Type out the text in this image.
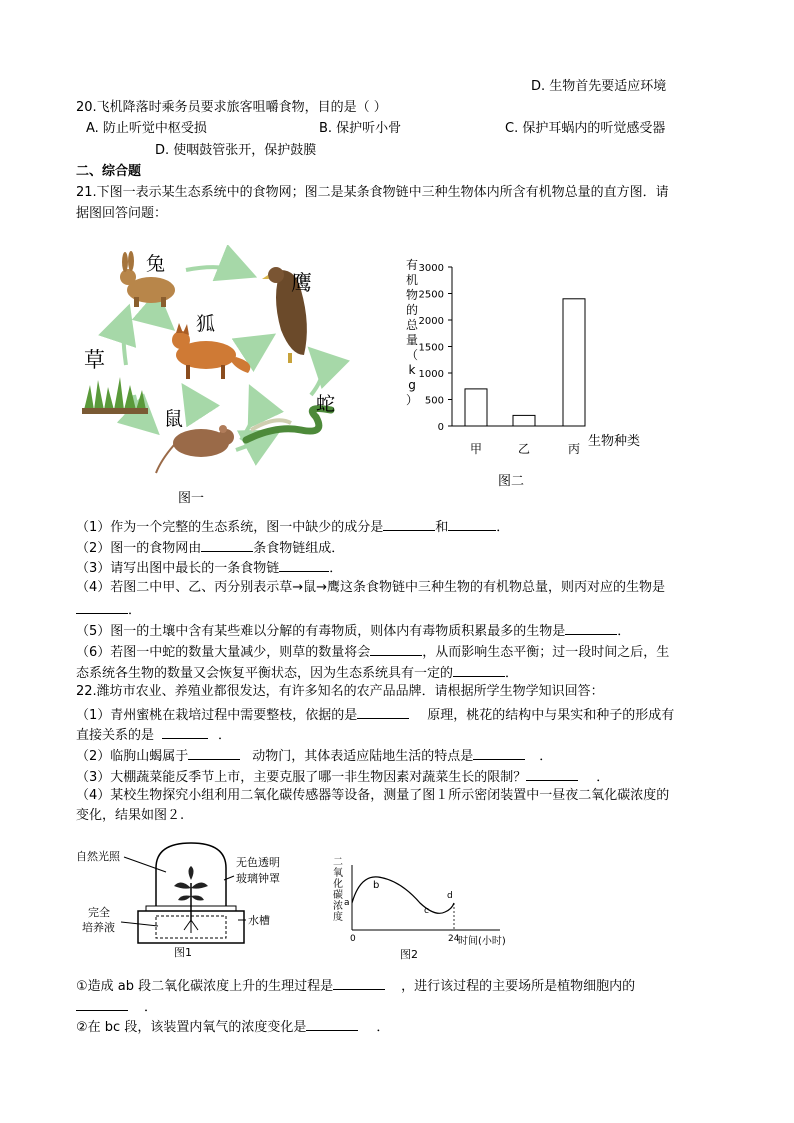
D. 生物首先要适应环境
20.飞机降落时乘务员要求旅客咀嚼食物，目的是（ ）
A. 防止听觉中枢受损	B. 保护听小骨	C. 保护耳蜗内的听觉感受器
D. 使咽鼓管张开，保护鼓膜
二、综合题
21.下图一表示某生态系统中的食物网；图二是某条食物链中三种生物体内所含有机物总量的直方图．请
据图回答问题：
兔
鹰
狐
草
鼠
蛇
图一
有
机
物
的
总
量
（
k
g
）
0
500
1000
1500
2000
2500
3000
甲	乙	丙 生物种类
图二
（1）作为一个完整的生态系统，图一中缺少的成分是	和	．
（2）图一的食物网由	条食物链组成．
（3）请写出图中最长的一条食物链	．
（4）若图二中甲、乙、丙分别表示草→鼠→鹰这条食物链中三种生物的有机物总量，则丙对应的生物是
．
（5）图一的土壤中含有某些难以分解的有毒物质，则体内有毒物质积累最多的生物是	．
（6）若图一中蛇的数量大量减少，则草的数量将会	，从而影响生态平衡；过一段时间之后，生
态系统各生物的数量又会恢复平衡状态，因为生态系统具有一定的	．
22.潍坊市农业、养殖业都很发达，有许多知名的农产品品牌．请根据所学生物学知识回答：
（1）青州蜜桃在栽培过程中需要整枝，依据的是	原理，桃花的结构中与果实和种子的形成有
直接关系的是	．
（2）临朐山蝎属于	动物门，其体表适应陆地生活的特点是	．
（3）大棚蔬菜能反季节上市，主要克服了哪一非生物因素对蔬菜生长的限制？	．
（4）某校生物探究小组利用二氧化碳传感器等设备，测量了图１所示密闭装置中一昼夜二氧化碳浓度的
变化，结果如图２.
自然光照	无色透明
玻璃钟罩
完全
培养液
水槽
图1
二
氧
化
碳
浓
度
a
b
c
d
0	24
时间(小时)
图2
①造成 ab 段二氧化碳浓度上升的生理过程是	，进行该过程的主要场所是植物细胞内的
．
②在 bc 段，该装置内氧气的浓度变化是	．
